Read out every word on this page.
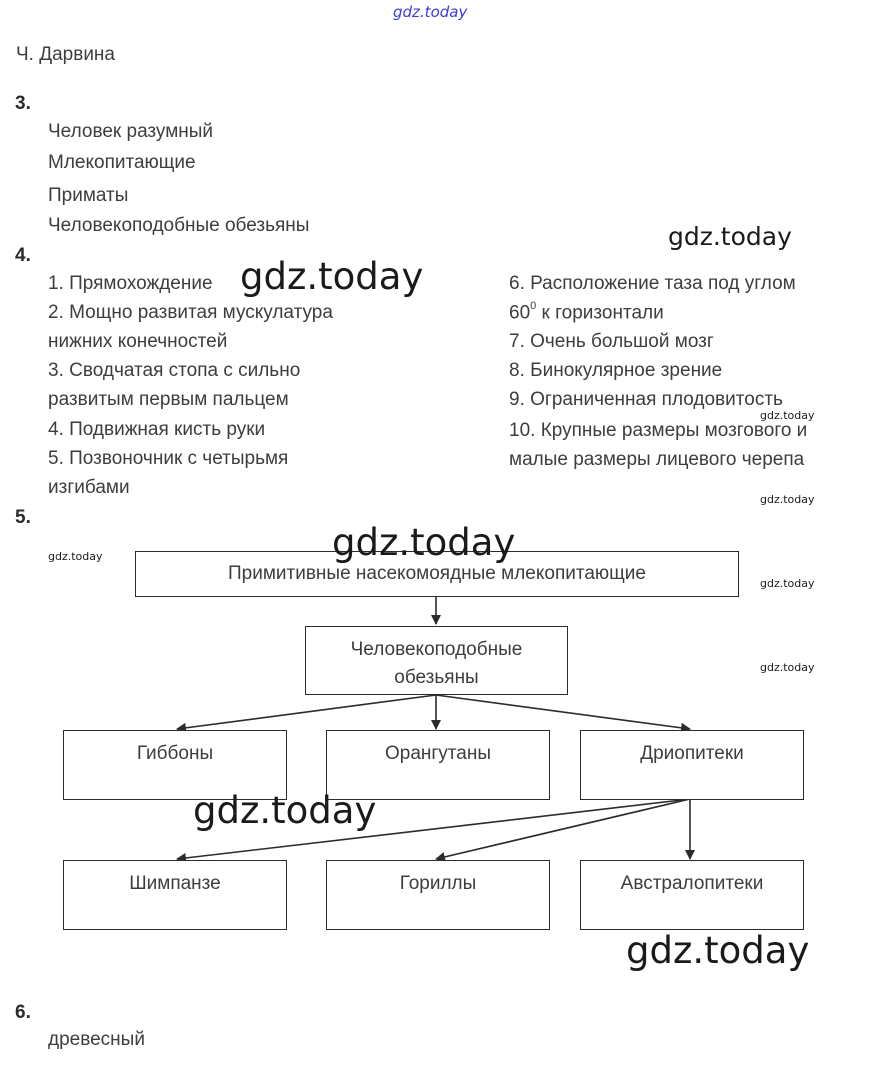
gdz.today
Ч. Дарвина
3.
Человек разумный
Млекопитающие
Приматы
Человекоподобные обезьяны
4.
1. Прямохождение
2. Мощно развитая мускулатура
нижних конечностей
3. Сводчатая стопа с сильно
развитым первым пальцем
4. Подвижная кисть руки
5. Позвоночник с четырьмя
изгибами
6. Расположение таза под углом
$60^0$ к горизонтали
7. Очень большой мозг
8. Бинокулярное зрение
9. Ограниченная плодовитость
10. Крупные размеры мозгового и
малые размеры лицевого черепа
5.
Примитивные насекомоядные млекопитающие
Человекоподобные
обезьяны
Гиббоны	Орангутаны	Дриопитеки
Шимпанзе	Гориллы	Австралопитеки
6.
древесный
gdz.today
gdz.today
gdz.today
gdz.today
gdz.today	gdz.today
gdz.today
gdz.today
gdz.today
gdz.today
